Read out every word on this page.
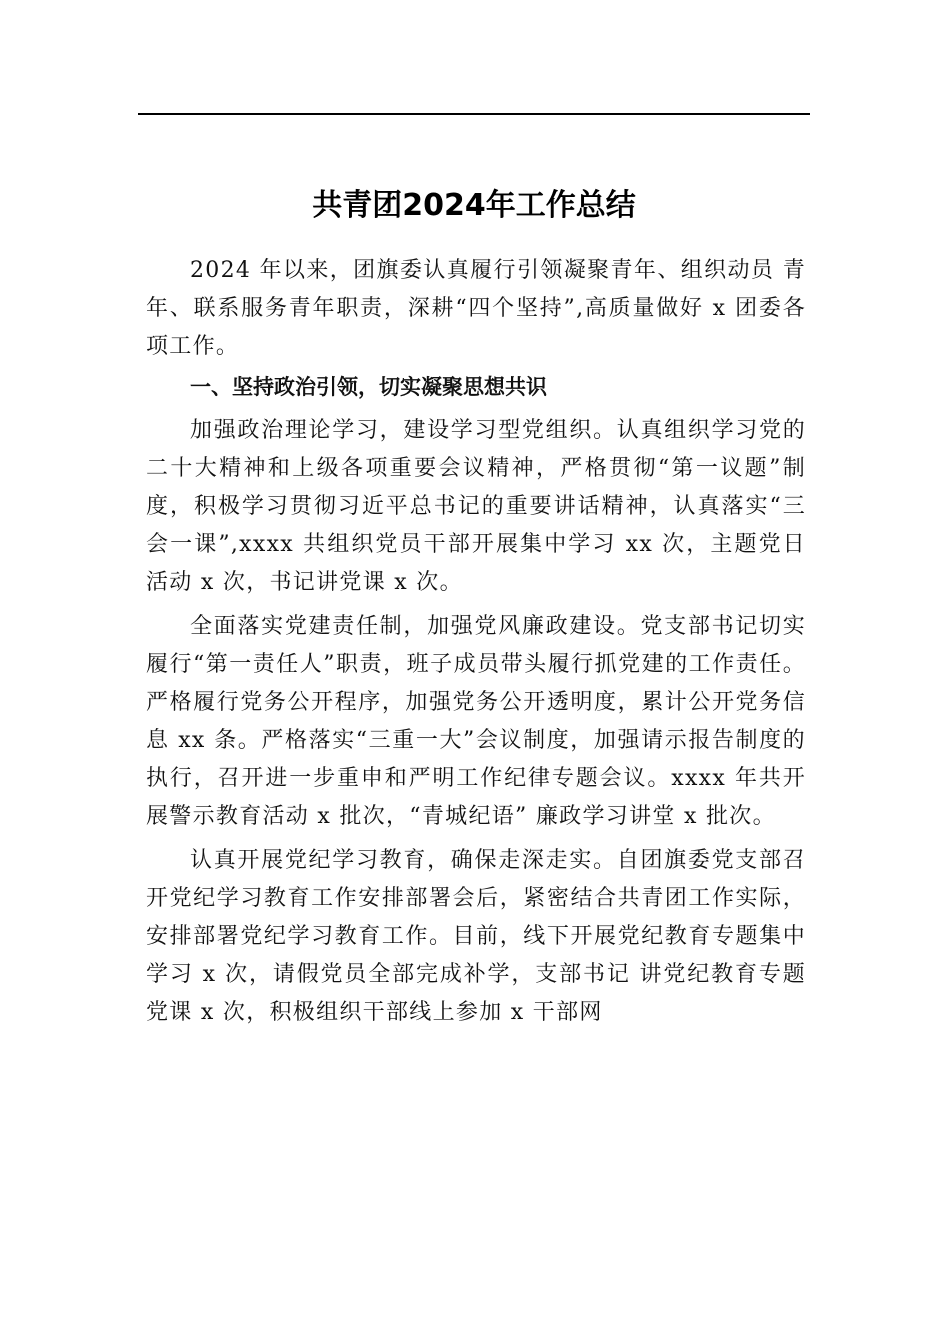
共青团2024年工作总结

2024 年以来，团旗委认真履行引领凝聚青年、组织动员 青年、联系服务青年职责，深耕“四个坚持”,高质量做好 x 团委各项工作。

一、坚持政治引领，切实凝聚思想共识

加强政治理论学习，建设学习型党组织。认真组织学习党的二十大精神和上级各项重要会议精神，严格贯彻“第一议题”制度，积极学习贯彻习近平总书记的重要讲话精神，认真落实“三会一课”,xxxx 共组织党员干部开展集中学习 xx 次，主题党日活动 x 次，书记讲党课 x 次。

全面落实党建责任制，加强党风廉政建设。党支部书记切实履行“第一责任人”职责，班子成员带头履行抓党建的工作责任。严格履行党务公开程序，加强党务公开透明度，累计公开党务信息 xx 条。严格落实“三重一大”会议制度，加强请示报告制度的执行，召开进一步重申和严明工作纪律专题会议。xxxx 年共开展警示教育活动 x 批次，“青城纪语” 廉政学习讲堂 x 批次。

认真开展党纪学习教育，确保走深走实。自团旗委党支部召开党纪学习教育工作安排部署会后，紧密结合共青团工作实际，安排部署党纪学习教育工作。目前，线下开展党纪教育专题集中学习 x 次，请假党员全部完成补学，支部书记 讲党纪教育专题党课 x 次，积极组织干部线上参加 x 干部网
